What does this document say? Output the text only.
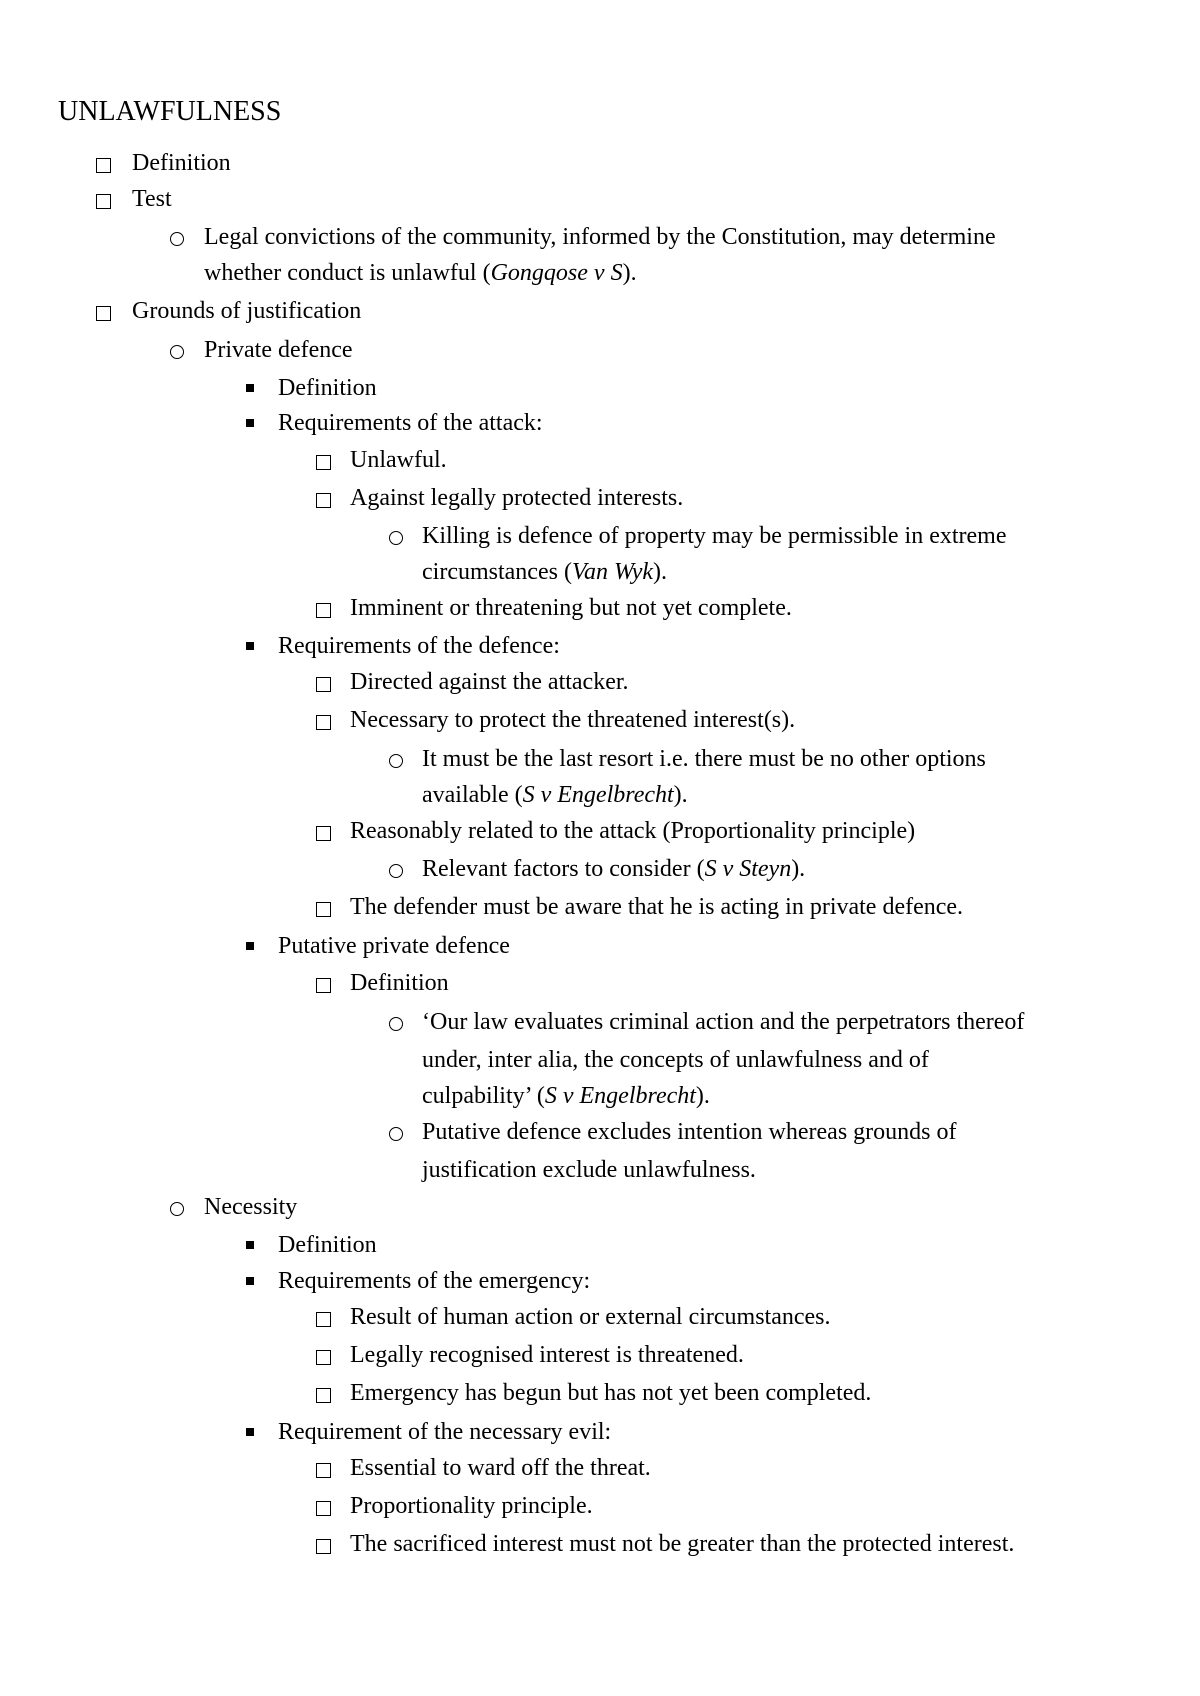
UNLAWFULNESS
Definition
Test
Legal convictions of the community, informed by the Constitution, may determine
whether conduct is unlawful (Gongqose v S).
Grounds of justification
Private defence
Definition
Requirements of the attack:
Unlawful.
Against legally protected interests.
Killing is defence of property may be permissible in extreme
circumstances (Van Wyk).
Imminent or threatening but not yet complete.
Requirements of the defence:
Directed against the attacker.
Necessary to protect the threatened interest(s).
It must be the last resort i.e. there must be no other options
available (S v Engelbrecht).
Reasonably related to the attack (Proportionality principle)
Relevant factors to consider (S v Steyn).
The defender must be aware that he is acting in private defence.
Putative private defence
Definition
‘Our law evaluates criminal action and the perpetrators thereof
under, inter alia, the concepts of unlawfulness and of
culpability’ (S v Engelbrecht).
Putative defence excludes intention whereas grounds of
justification exclude unlawfulness.
Necessity
Definition
Requirements of the emergency:
Result of human action or external circumstances.
Legally recognised interest is threatened.
Emergency has begun but has not yet been completed.
Requirement of the necessary evil:
Essential to ward off the threat.
Proportionality principle.
The sacrificed interest must not be greater than the protected interest.
